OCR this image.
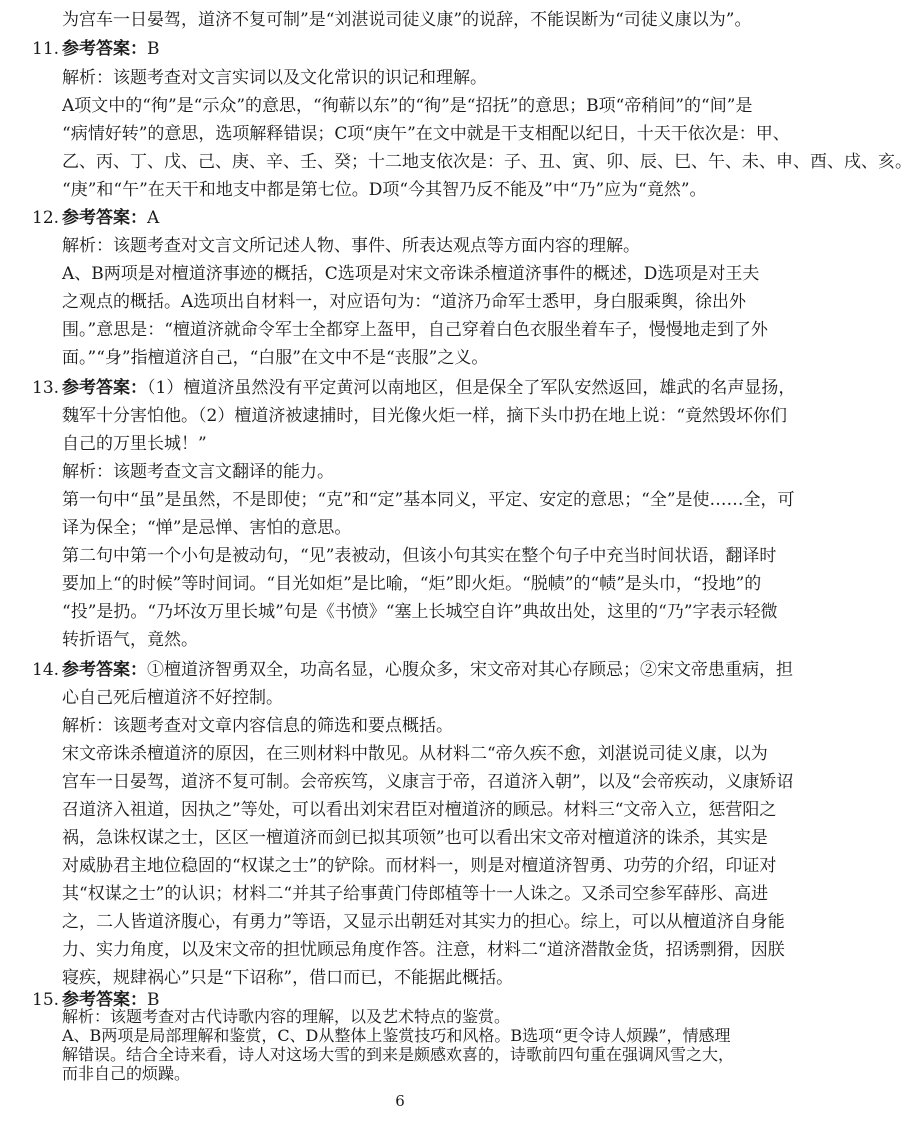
为宫车一日晏驾，道济不复可制”是“刘湛说司徒义康”的说辞，不能误断为“司徒义康以为”。
11. 参考答案：B
解析：该题考查对文言实词以及文化常识的识记和理解。
A项文中的“徇”是“示众”的意思，“徇蕲以东”的“徇”是“招抚”的意思；B项“帝稍间”的“间”是
“病情好转”的意思，选项解释错误；C项“庚午”在文中就是干支相配以纪日，十天干依次是：甲、
乙、丙、丁、戊、己、庚、辛、壬、癸；十二地支依次是：子、丑、寅、卯、辰、巳、午、未、申、酉、戌、亥。
“庚”和“午”在天干和地支中都是第七位。D项“今其智乃反不能及”中“乃”应为“竟然”。
12. 参考答案：A
解析：该题考查对文言文所记述人物、事件、所表达观点等方面内容的理解。
A、B两项是对檀道济事迹的概括，C选项是对宋文帝诛杀檀道济事件的概述，D选项是对王夫
之观点的概括。A选项出自材料一，对应语句为：“道济乃命军士悉甲，身白服乘舆，徐出外
围。”意思是：“檀道济就命令军士全都穿上盔甲，自己穿着白色衣服坐着车子，慢慢地走到了外
面。”“身”指檀道济自己，“白服”在文中不是“丧服”之义。
13. 参考答案：（1）檀道济虽然没有平定黄河以南地区，但是保全了军队安然返回，雄武的名声显扬，
魏军十分害怕他。（2）檀道济被逮捕时，目光像火炬一样，摘下头巾扔在地上说：“竟然毁坏你们
自己的万里长城！”
解析：该题考查文言文翻译的能力。
第一句中“虽”是虽然，不是即使；“克”和“定”基本同义，平定、安定的意思；“全”是使……全，可
译为保全；“惮”是忌惮、害怕的意思。
第二句中第一个小句是被动句，“见”表被动，但该小句其实在整个句子中充当时间状语，翻译时
要加上“的时候”等时间词。“目光如炬”是比喻，“炬”即火炬。“脱帻”的“帻”是头巾，“投地”的
“投”是扔。“乃坏汝万里长城”句是《书愤》“塞上长城空自许”典故出处，这里的“乃”字表示轻微
转折语气，竟然。
14. 参考答案：①檀道济智勇双全，功高名显，心腹众多，宋文帝对其心存顾忌；②宋文帝患重病，担
心自己死后檀道济不好控制。
解析：该题考查对文章内容信息的筛选和要点概括。
宋文帝诛杀檀道济的原因，在三则材料中散见。从材料二“帝久疾不愈，刘湛说司徒义康，以为
宫车一日晏驾，道济不复可制。会帝疾笃，义康言于帝，召道济入朝”，以及“会帝疾动，义康矫诏
召道济入祖道，因执之”等处，可以看出刘宋君臣对檀道济的顾忌。材料三“文帝入立，惩营阳之
祸，急诛权谋之士，区区一檀道济而剑已拟其项领”也可以看出宋文帝对檀道济的诛杀，其实是
对威胁君主地位稳固的“权谋之士”的铲除。而材料一，则是对檀道济智勇、功劳的介绍，印证对
其“权谋之士”的认识；材料二“并其子给事黄门侍郎植等十一人诛之。又杀司空参军薛彤、高进
之，二人皆道济腹心，有勇力”等语，又显示出朝廷对其实力的担心。综上，可以从檀道济自身能
力、实力角度，以及宋文帝的担忧顾忌角度作答。注意，材料二“道济潜散金货，招诱剽猾，因朕
寝疾，规肆祸心”只是“下诏称”，借口而已，不能据此概括。
15. 参考答案：B
解析：该题考查对古代诗歌内容的理解，以及艺术特点的鉴赏。
A、B两项是局部理解和鉴赏，C、D从整体上鉴赏技巧和风格。B选项“更令诗人烦躁”，情感理
6
解错误。结合全诗来看，诗人对这场大雪的到来是颇感欢喜的，诗歌前四句重在强调风雪之大，
而非自己的烦躁。
